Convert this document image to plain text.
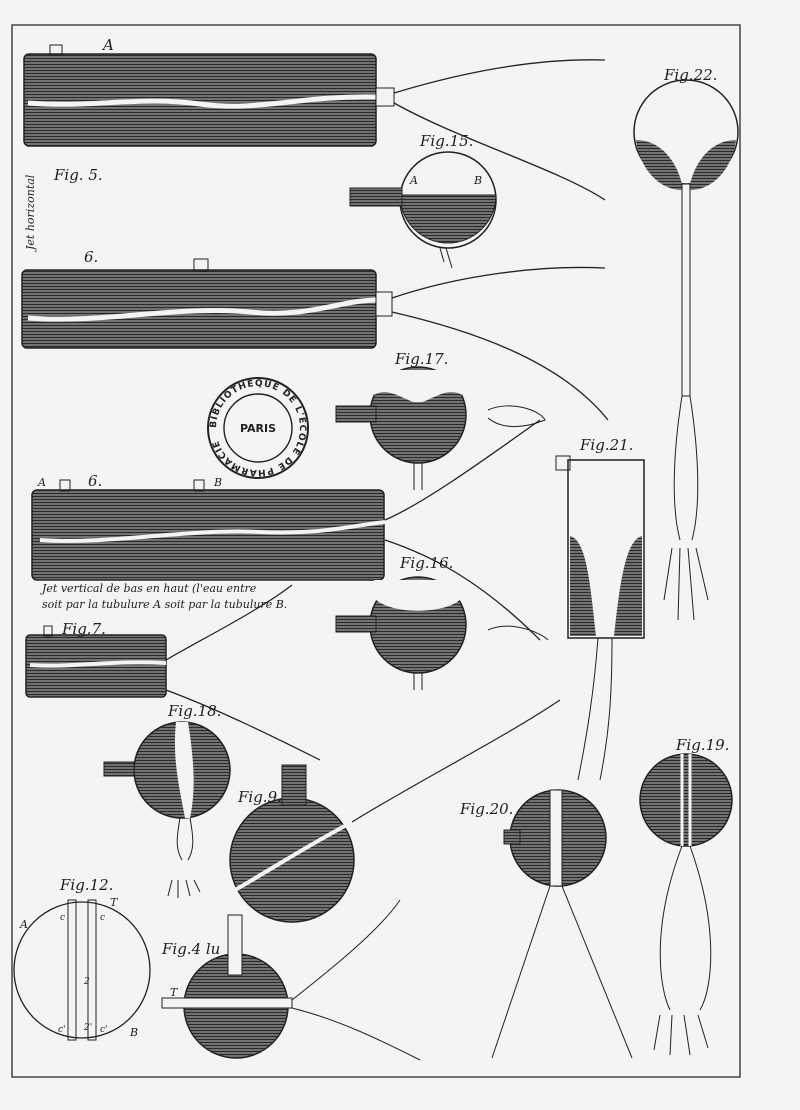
BIBLIOTHÈQUE DE L'ÉCOLE DE PHARMACIE
PARIS
A
Fig. 5.
Jet horizontal
6.
Fig.15.
A	B
Fig.17.
A	6.	B
Jet vertical de bas en haut (l'eau entre
soit par la tubulure A soit par la tubulure B.
Fig.16.
Fig.21.
Fig.22.
Fig.7.
Fig.18.
Fig.9.
Fig.19.
Fig.20.
Fig.12.
A
T
c	c
c'	c'
2
2'	B
Fig.4 lu
T
